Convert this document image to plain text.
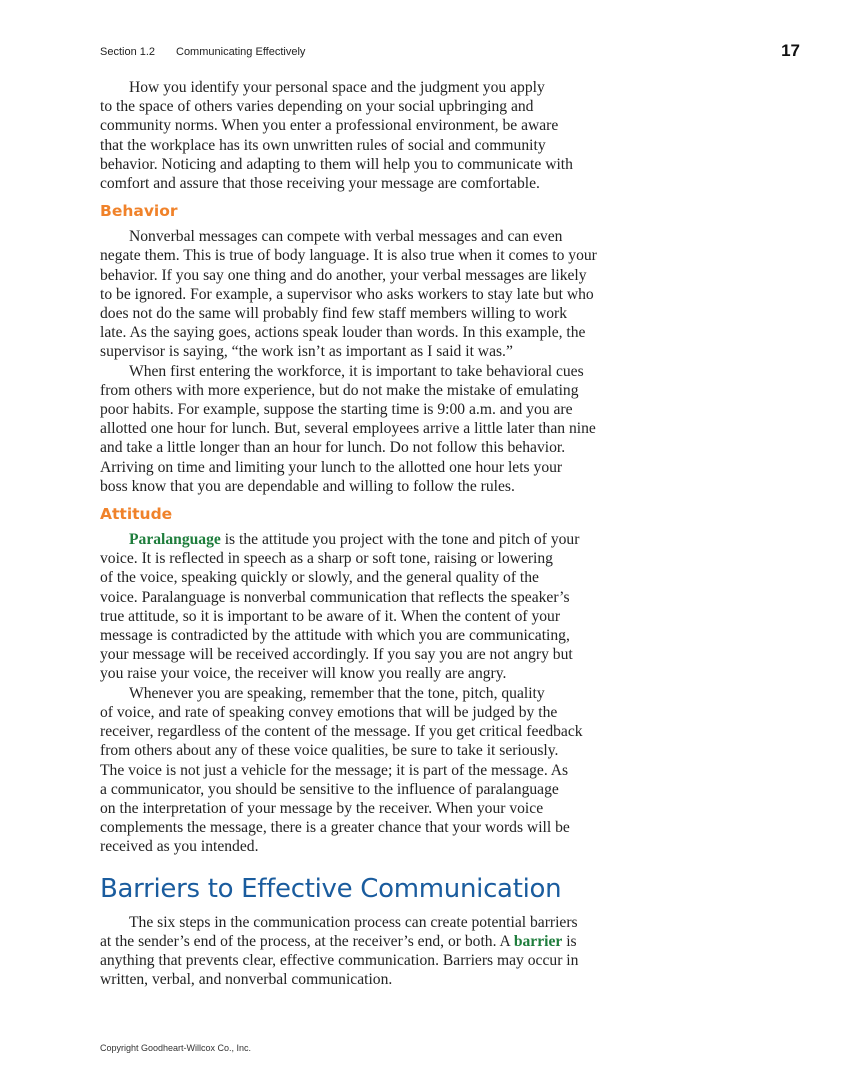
Section 1.2 Communicating Effectively	17

How you identify your personal space and the judgment you apply
to the space of others varies depending on your social upbringing and
community norms. When you enter a professional environment, be aware
that the workplace has its own unwritten rules of social and community
behavior. Noticing and adapting to them will help you to communicate with
comfort and assure that those receiving your message are comfortable.

Behavior

Nonverbal messages can compete with verbal messages and can even
negate them. This is true of body language. It is also true when it comes to your
behavior. If you say one thing and do another, your verbal messages are likely
to be ignored. For example, a supervisor who asks workers to stay late but who
does not do the same will probably find few staff members willing to work
late. As the saying goes, actions speak louder than words. In this example, the
supervisor is saying, “the work isn’t as important as I said it was.”

When first entering the workforce, it is important to take behavioral cues
from others with more experience, but do not make the mistake of emulating
poor habits. For example, suppose the starting time is 9:00 a.m. and you are
allotted one hour for lunch. But, several employees arrive a little later than nine
and take a little longer than an hour for lunch. Do not follow this behavior.
Arriving on time and limiting your lunch to the allotted one hour lets your
boss know that you are dependable and willing to follow the rules.

Attitude

Paralanguage is the attitude you project with the tone and pitch of your
voice. It is reflected in speech as a sharp or soft tone, raising or lowering
of the voice, speaking quickly or slowly, and the general quality of the
voice. Paralanguage is nonverbal communication that reflects the speaker’s
true attitude, so it is important to be aware of it. When the content of your
message is contradicted by the attitude with which you are communicating,
your message will be received accordingly. If you say you are not angry but
you raise your voice, the receiver will know you really are angry.

Whenever you are speaking, remember that the tone, pitch, quality
of voice, and rate of speaking convey emotions that will be judged by the
receiver, regardless of the content of the message. If you get critical feedback
from others about any of these voice qualities, be sure to take it seriously.
The voice is not just a vehicle for the message; it is part of the message. As
a communicator, you should be sensitive to the influence of paralanguage
on the interpretation of your message by the receiver. When your voice
complements the message, there is a greater chance that your words will be
received as you intended.

Barriers to Effective Communication

The six steps in the communication process can create potential barriers
at the sender’s end of the process, at the receiver’s end, or both. A barrier is
anything that prevents clear, effective communication. Barriers may occur in
written, verbal, and nonverbal communication.

Copyright Goodheart-Willcox Co., Inc.
